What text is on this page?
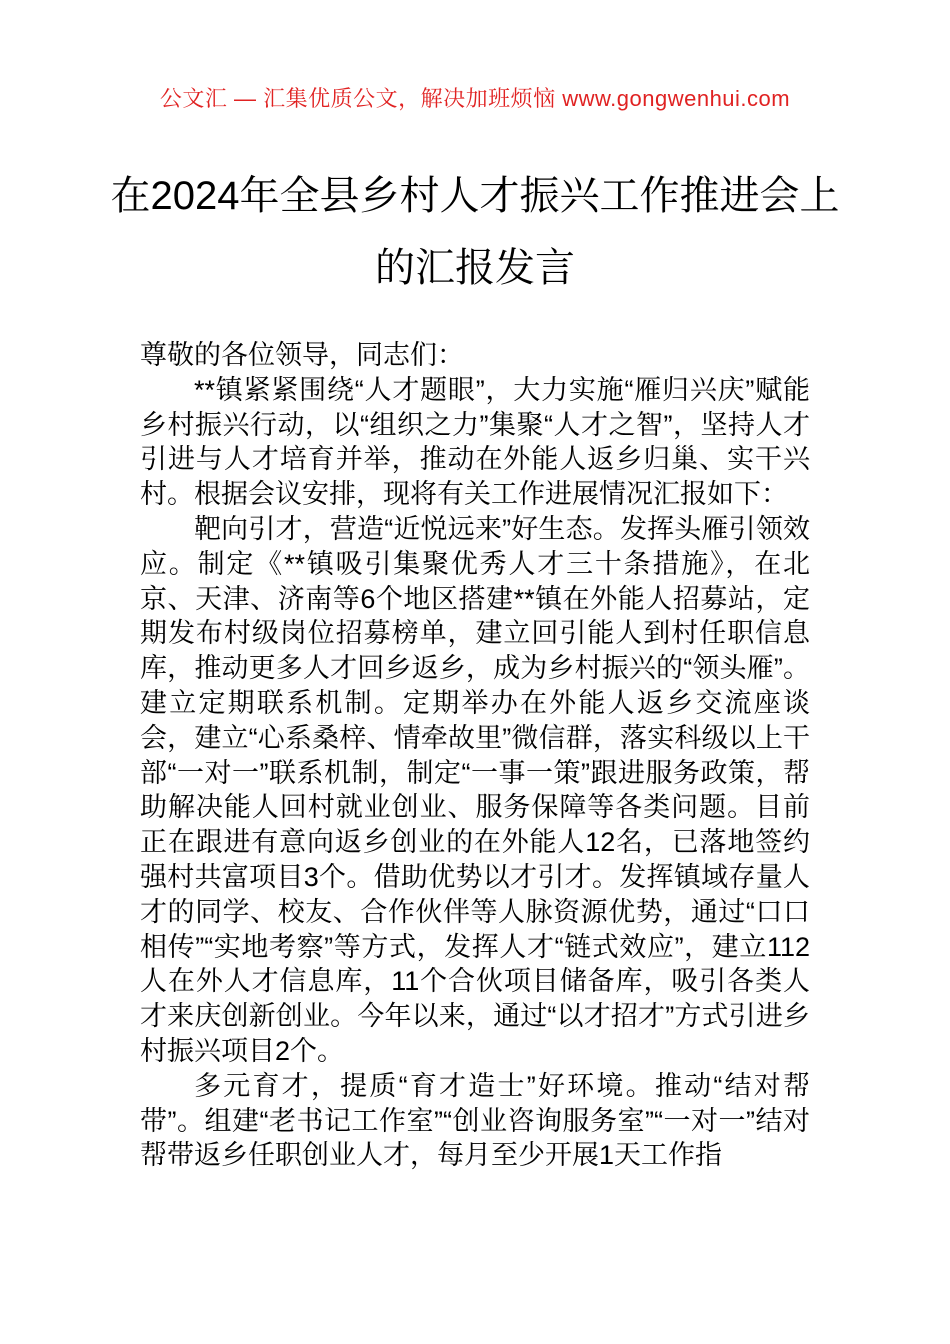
公文汇 — 汇集优质公文，解决加班烦恼 www.gongwenhui.com
在2024年全县乡村人才振兴工作推进会上
的汇报发言

尊敬的各位领导，同志们：

**镇紧紧围绕“人才题眼”，大力实施“雁归兴庆”赋能乡村振兴行动，以“组织之力”集聚“人才之智”，坚持人才引进与人才培育并举，推动在外能人返乡归巢、实干兴村。根据会议安排，现将有关工作进展情况汇报如下：

靶向引才，营造“近悦远来”好生态。发挥头雁引领效应。制定《**镇吸引集聚优秀人才三十条措施》，在北京、天津、济南等6个地区搭建**镇在外能人招募站，定期发布村级岗位招募榜单，建立回引能人到村任职信息库，推动更多人才回乡返乡，成为乡村振兴的“领头雁”。建立定期联系机制。定期举办在外能人返乡交流座谈会，建立“心系桑梓、情牵故里”微信群，落实科级以上干部“一对一”联系机制，制定“一事一策”跟进服务政策，帮助解决能人回村就业创业、服务保障等各类问题。目前正在跟进有意向返乡创业的在外能人12名，已落地签约强村共富项目3个。借助优势以才引才。发挥镇域存量人才的同学、校友、合作伙伴等人脉资源优势，通过“口口相传”“实地考察”等方式，发挥人才“链式效应”，建立112人在外人才信息库，11个合伙项目储备库，吸引各类人才来庆创新创业。今年以来，通过“以才招才”方式引进乡村振兴项目2个。

多元育才，提质“育才造士”好环境。推动“结对帮带”。组建“老书记工作室”“创业咨询服务室”“一对一”结对帮带返乡任职创业人才，每月至少开展1天工作指
